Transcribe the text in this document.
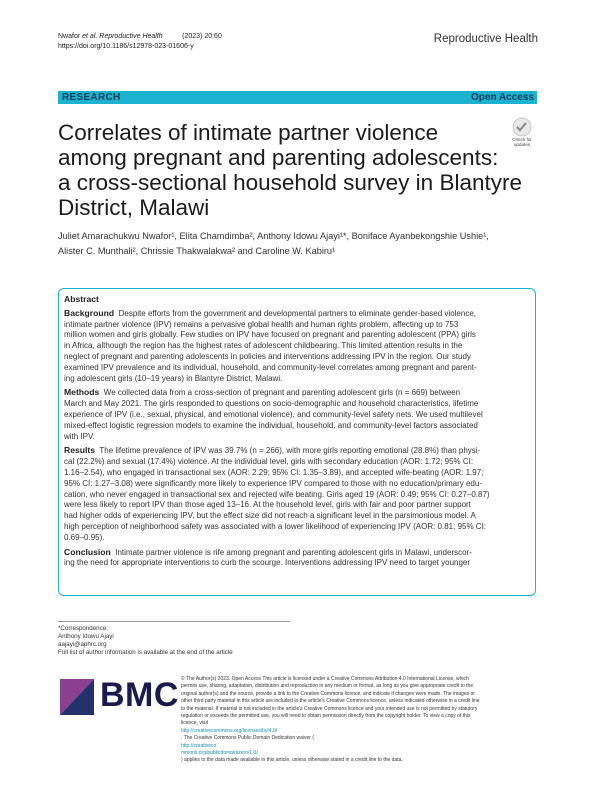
Nwafor et al. Reproductive Health	(2023) 20:60
https://doi.org/10.1186/s12978-023-01606-y
Reproductive Health
RESEARCH	Open Access
Correlates of intimate partner violence
among pregnant and parenting adolescents:
a cross-sectional household survey in Blantyre
District, Malawi
Check for
updates
Juliet Amarachukwu Nwafor¹, Elita Chamdimba², Anthony Idowu Ajayi¹*, Boniface Ayanbekongshie Ushie¹,
Alister C. Munthali², Chrissie Thakwalakwa² and Caroline W. Kabiru¹
Abstract
Background Despite efforts from the government and developmental partners to eliminate gender-based violence,
intimate partner violence (IPV) remains a pervasive global health and human rights problem, affecting up to 753
million women and girls globally. Few studies on IPV have focused on pregnant and parenting adolescent (PPA) girls
in Africa, although the region has the highest rates of adolescent childbearing. This limited attention results in the
neglect of pregnant and parenting adolescents in policies and interventions addressing IPV in the region. Our study
examined IPV prevalence and its individual, household, and community-level correlates among pregnant and parent-
ing adolescent girls (10–19 years) in Blantyre District, Malawi.
Methods We collected data from a cross-section of pregnant and parenting adolescent girls (n = 669) between
March and May 2021. The girls responded to questions on socio-demographic and household characteristics, lifetime
experience of IPV (i.e., sexual, physical, and emotional violence), and community-level safety nets. We used multilevel
mixed-effect logistic regression models to examine the individual, household, and community-level factors associated
with IPV.
Results The lifetime prevalence of IPV was 39.7% (n = 266), with more girls reporting emotional (28.8%) than physi-
cal (22.2%) and sexual (17.4%) violence. At the individual level, girls with secondary education (AOR: 1.72; 95% CI:
1.16–2.54), who engaged in transactional sex (AOR: 2.29; 95% CI: 1.35–3.89), and accepted wife-beating (AOR: 1.97;
95% CI: 1.27–3.08) were significantly more likely to experience IPV compared to those with no education/primary edu-
cation, who never engaged in transactional sex and rejected wife beating. Girls aged 19 (AOR: 0.49; 95% CI: 0.27–0.87)
were less likely to report IPV than those aged 13–16. At the household level, girls with fair and poor partner support
had higher odds of experiencing IPV, but the effect size did not reach a significant level in the parsimonious model. A
high perception of neighborhood safety was associated with a lower likelihood of experiencing IPV (AOR: 0.81; 95% CI:
0.69–0.95).
Conclusion Intimate partner violence is rife among pregnant and parenting adolescent girls in Malawi, underscor-
ing the need for appropriate interventions to curb the scourge. Interventions addressing IPV need to target younger
*Correspondence:
Anthony Idowu Ajayi
aajayi@aphrc.org
Full list of author information is available at the end of the article
BMC © The Author(s) 2023. Open Access This article is licensed under a Creative Commons Attribution 4.0 International License, which
permits use, sharing, adaptation, distribution and reproduction in any medium or format, as long as you give appropriate credit to the
original author(s) and the source, provide a link to the Creative Commons licence, and indicate if changes were made. The images or
other third party material in this article are included in the article's Creative Commons licence, unless indicated otherwise in a credit line
to the material. If material is not included in the article's Creative Commons licence and your intended use is not permitted by statutory
regulation or exceeds the permitted use, you will need to obtain permission directly from the copyright holder. To view a copy of this
licence, visit
http://creativecommons.org/licenses/by/4.0/
. The Creative Commons Public Domain Dedication waiver (
http://creativeco
mmons.org/publicdomain/zero/1.0/
) applies to the data made available in this article, unless otherwise stated in a credit line to the data.
